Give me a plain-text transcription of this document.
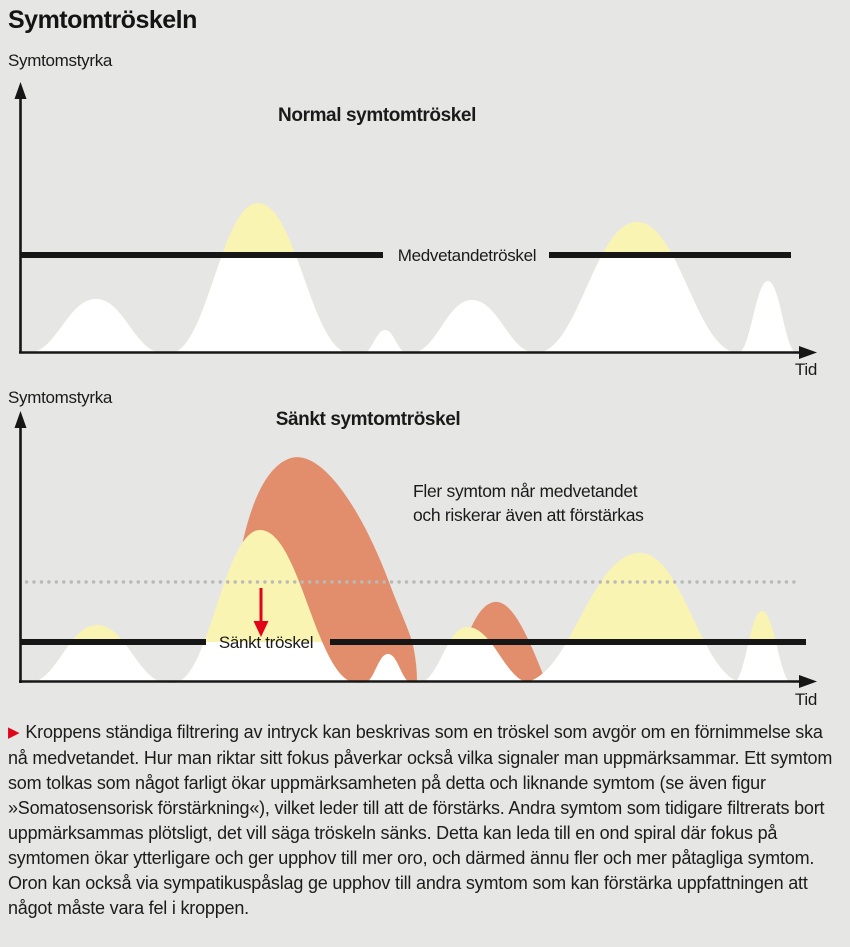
Symtomtröskeln
Medvetandetröskel
Symtomstyrka
Tid
Normal symtomtröskel
Sänkt tröskel
Fler symtom når medvetandet
och riskerar även att förstärkas
Symtomstyrka
Tid
Sänkt symtomtröskel

▶ Kroppens ständiga filtrering av intryck kan beskrivas som en tröskel som avgör om en förnimmelse ska nå medvetandet. Hur man riktar sitt fokus påverkar också vilka signaler man uppmärksammar. Ett symtom som tolkas som något farligt ökar uppmärksamheten på detta och liknande symtom (se även figur »Somatosensorisk förstärkning«), vilket leder till att de förstärks. Andra symtom som tidigare filtrerats bort uppmärksammas plötsligt, det vill säga tröskeln sänks. Detta kan leda till en ond spiral där fokus på symtomen ökar ytterligare och ger upphov till mer oro, och därmed ännu fler och mer påtagliga symtom. Oron kan också via sympatikuspåslag ge upphov till andra symtom som kan förstärka uppfattningen att något måste vara fel i kroppen.
